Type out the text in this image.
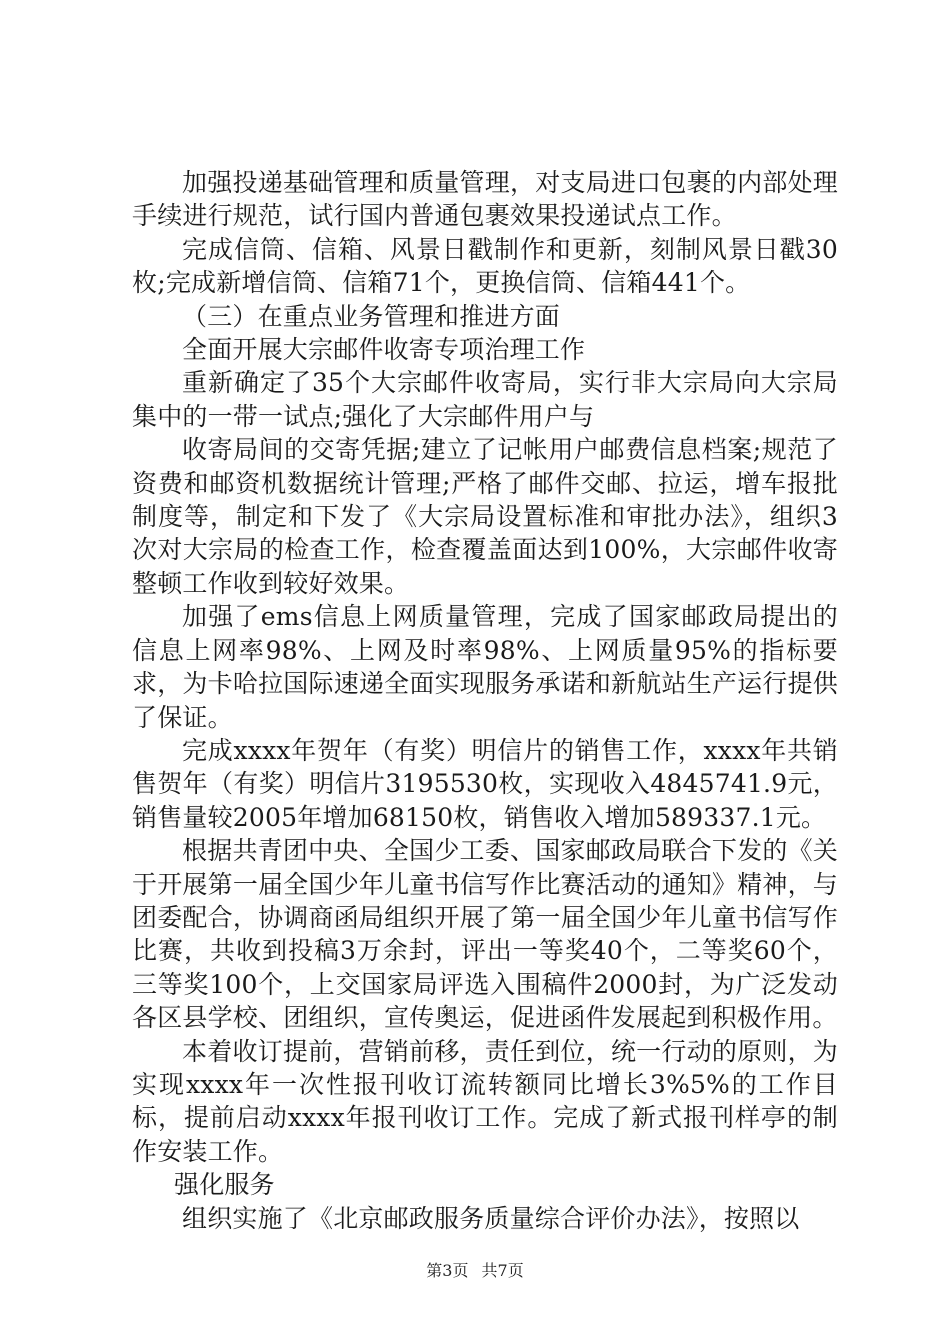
加强投递基础管理和质量管理，对支局进口包裹的内部处理手续进行规范，试行国内普通包裹效果投递试点工作。

完成信筒、信箱、风景日戳制作和更新，刻制风景日戳30枚;完成新增信筒、信箱71个，更换信筒、信箱441个。

（三）在重点业务管理和推进方面

全面开展大宗邮件收寄专项治理工作

重新确定了35个大宗邮件收寄局，实行非大宗局向大宗局集中的一带一试点;强化了大宗邮件用户与

收寄局间的交寄凭据;建立了记帐用户邮费信息档案;规范了资费和邮资机数据统计管理;严格了邮件交邮、拉运，增车报批制度等，制定和下发了《大宗局设置标准和审批办法》，组织3次对大宗局的检查工作，检查覆盖面达到100%，大宗邮件收寄整顿工作收到较好效果。

加强了ems信息上网质量管理，完成了国家邮政局提出的信息上网率98%、上网及时率98%、上网质量95%的指标要求，为卡哈拉国际速递全面实现服务承诺和新航站生产运行提供了保证。

完成xxxx年贺年（有奖）明信片的销售工作，xxxx年共销售贺年（有奖）明信片3195530枚，实现收入4845741.9元，销售量较2005年增加68150枚，销售收入增加589337.1元。

根据共青团中央、全国少工委、国家邮政局联合下发的《关于开展第一届全国少年儿童书信写作比赛活动的通知》精神，与团委配合，协调商函局组织开展了第一届全国少年儿童书信写作比赛，共收到投稿3万余封，评出一等奖40个，二等奖60个，三等奖100个，上交国家局评选入围稿件2000封，为广泛发动各区县学校、团组织，宣传奥运，促进函件发展起到积极作用。

本着收订提前，营销前移，责任到位，统一行动的原则，为实现xxxx年一次性报刊收订流转额同比增长3%5%的工作目标，提前启动xxxx年报刊收订工作。完成了新式报刊样亭的制作安装工作。

强化服务

组织实施了《北京邮政服务质量综合评价办法》，按照以

第3页 共7页
